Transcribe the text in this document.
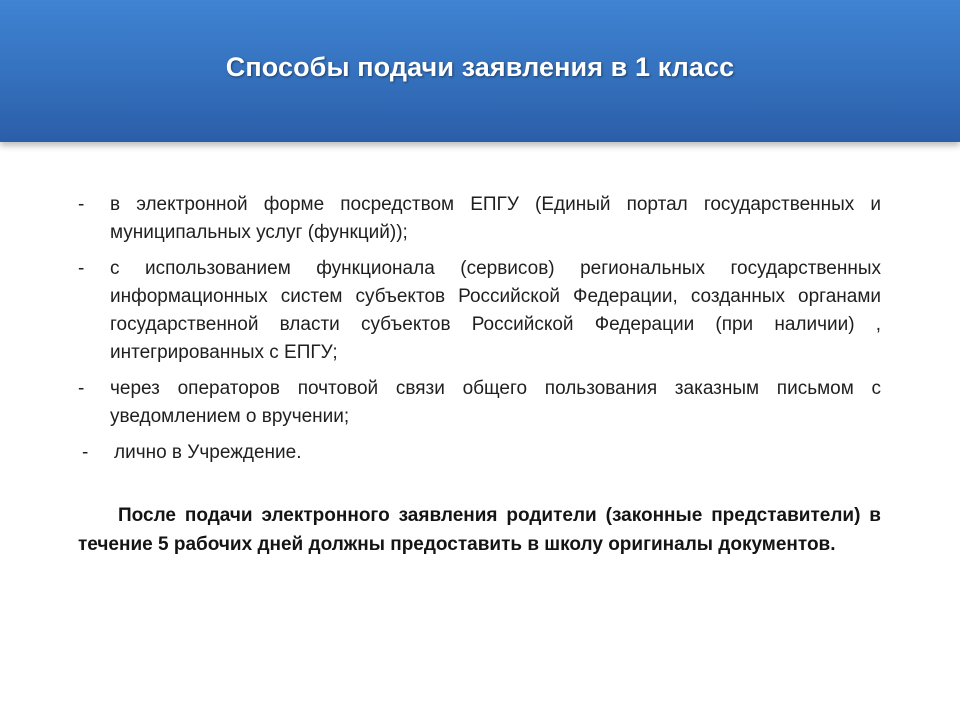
Способы подачи заявления в 1 класс
-	в электронной форме посредством ЕПГУ (Единый портал государственных и муниципальных услуг (функций));
-	с использованием функционала (сервисов) региональных государственных информационных систем субъектов Российской Федерации, созданных органами государственной власти субъектов Российской Федерации (при наличии) , интегрированных с ЕПГУ;
-	через операторов почтовой связи общего пользования заказным письмом с уведомлением о вручении;
-	лично в Учреждение.

После подачи электронного заявления родители (законные представители) в течение 5 рабочих дней должны предоставить в школу оригиналы документов.
